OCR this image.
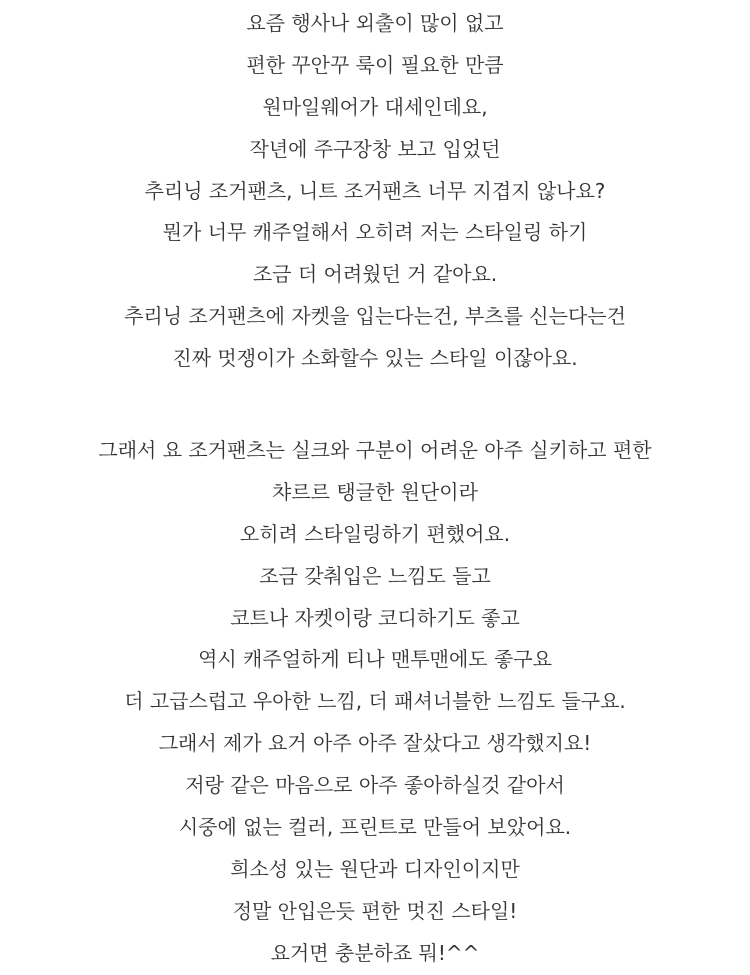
요즘 행사나 외출이 많이 없고
편한 꾸안꾸 룩이 필요한 만큼
원마일웨어가 대세인데요,
작년에 주구장창 보고 입었던
추리닝 조거팬츠, 니트 조거팬츠 너무 지겹지 않나요?
뭔가 너무 캐주얼해서 오히려 저는 스타일링 하기
조금 더 어려웠던 거 같아요.
추리닝 조거팬츠에 자켓을 입는다는건, 부츠를 신는다는건
진짜 멋쟁이가 소화할수 있는 스타일 이잖아요.
그래서 요 조거팬츠는 실크와 구분이 어려운 아주 실키하고 편한
챠르르 탱글한 원단이라
오히려 스타일링하기 편했어요.
조금 갖춰입은 느낌도 들고
코트나 자켓이랑 코디하기도 좋고
역시 캐주얼하게 티나 맨투맨에도 좋구요
더 고급스럽고 우아한 느낌, 더 패셔너블한 느낌도 들구요.
그래서 제가 요거 아주 아주 잘샀다고 생각했지요!
저랑 같은 마음으로 아주 좋아하실것 같아서
시중에 없는 컬러, 프린트로 만들어 보았어요.
희소성 있는 원단과 디자인이지만
정말 안입은듯 편한 멋진 스타일!
요거면 충분하죠 뭐!^^
